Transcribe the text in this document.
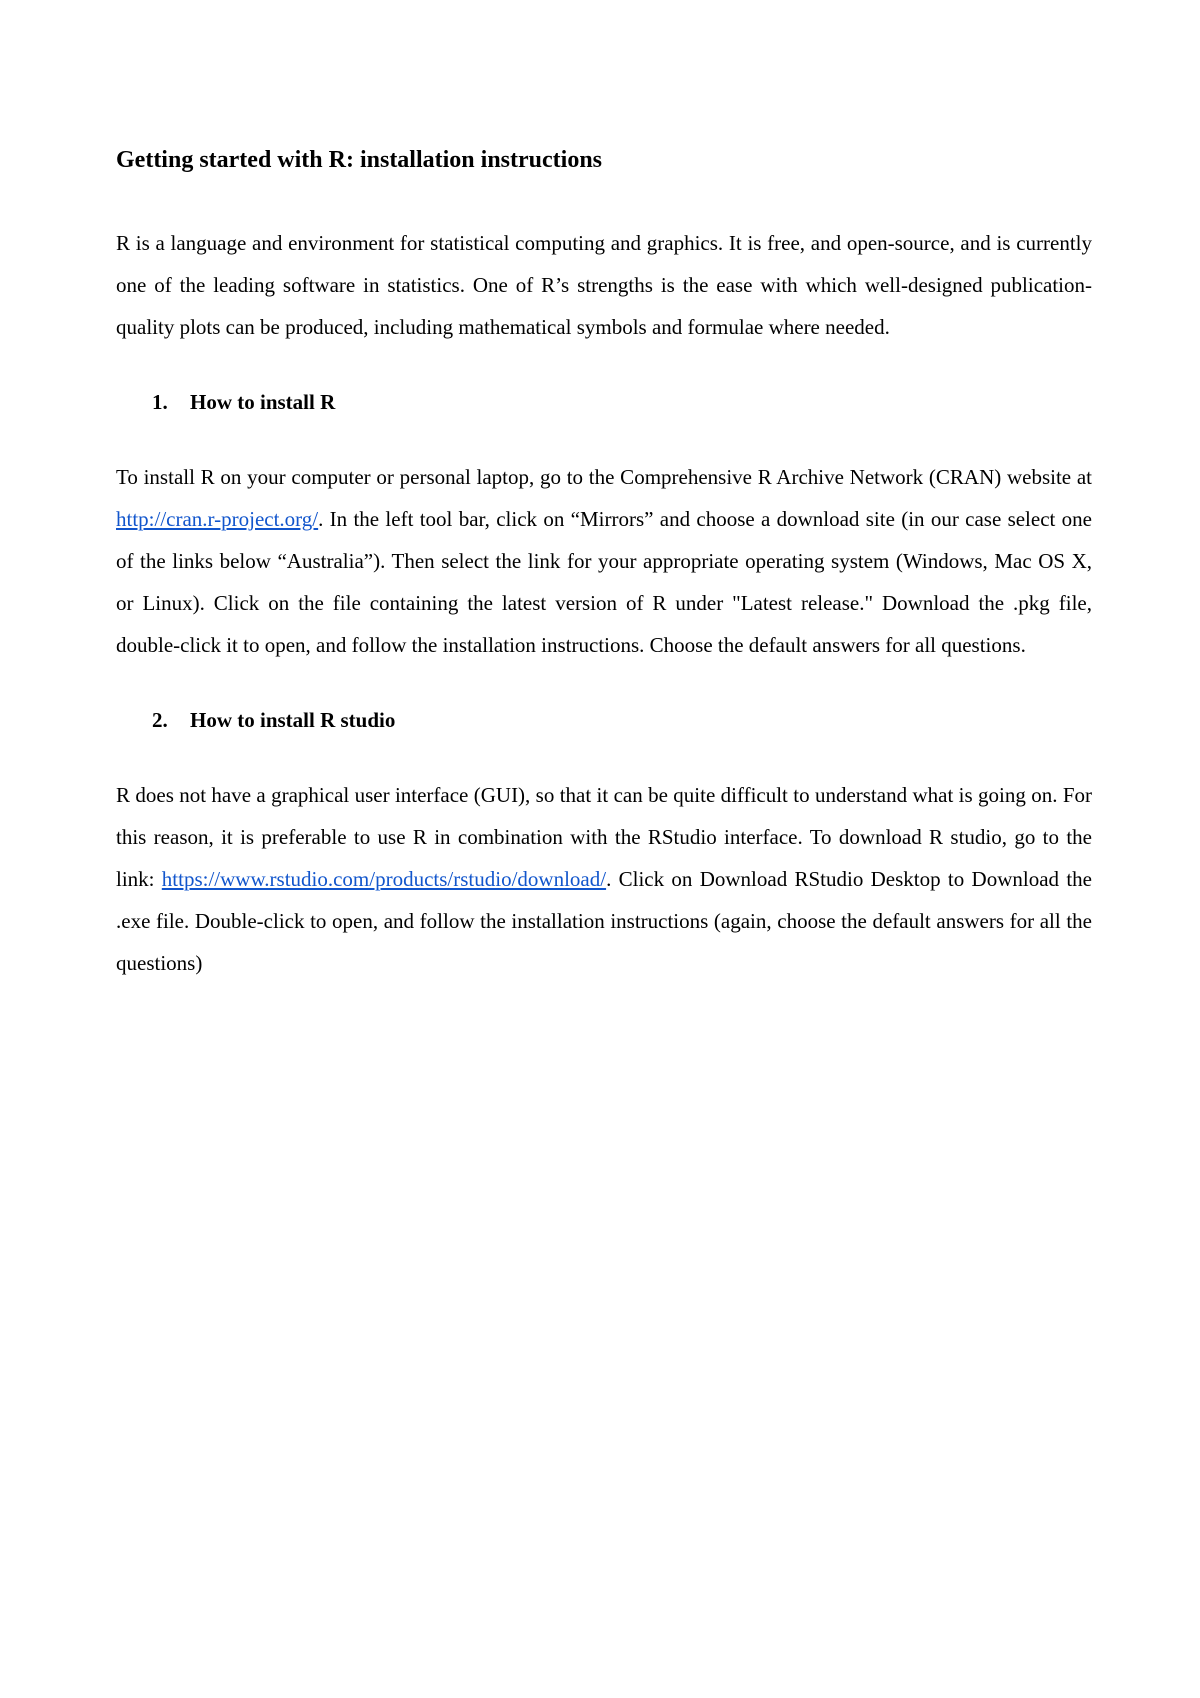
Getting started with R: installation instructions

R is a language and environment for statistical computing and graphics. It is free, and open-source, and is currently one of the leading software in statistics. One of R’s strengths is the ease with which well-designed publication-quality plots can be produced, including mathematical symbols and formulae where needed.

1.	How to install R

To install R on your computer or personal laptop, go to the Comprehensive R Archive Network (CRAN) website at http://cran.r-project.org/. In the left tool bar, click on “Mirrors” and choose a download site (in our case select one of the links below “Australia”). Then select the link for your appropriate operating system (Windows, Mac OS X, or Linux). Click on the file containing the latest version of R under "Latest release." Download the .pkg file, double-click it to open, and follow the installation instructions. Choose the default answers for all questions.

2.	How to install R studio

R does not have a graphical user interface (GUI), so that it can be quite difficult to understand what is going on. For this reason, it is preferable to use R in combination with the RStudio interface. To download R studio, go to the link: https://www.rstudio.com/products/rstudio/download/. Click on Download RStudio Desktop to Download the .exe file. Double-click to open, and follow the installation instructions (again, choose the default answers for all the questions)
